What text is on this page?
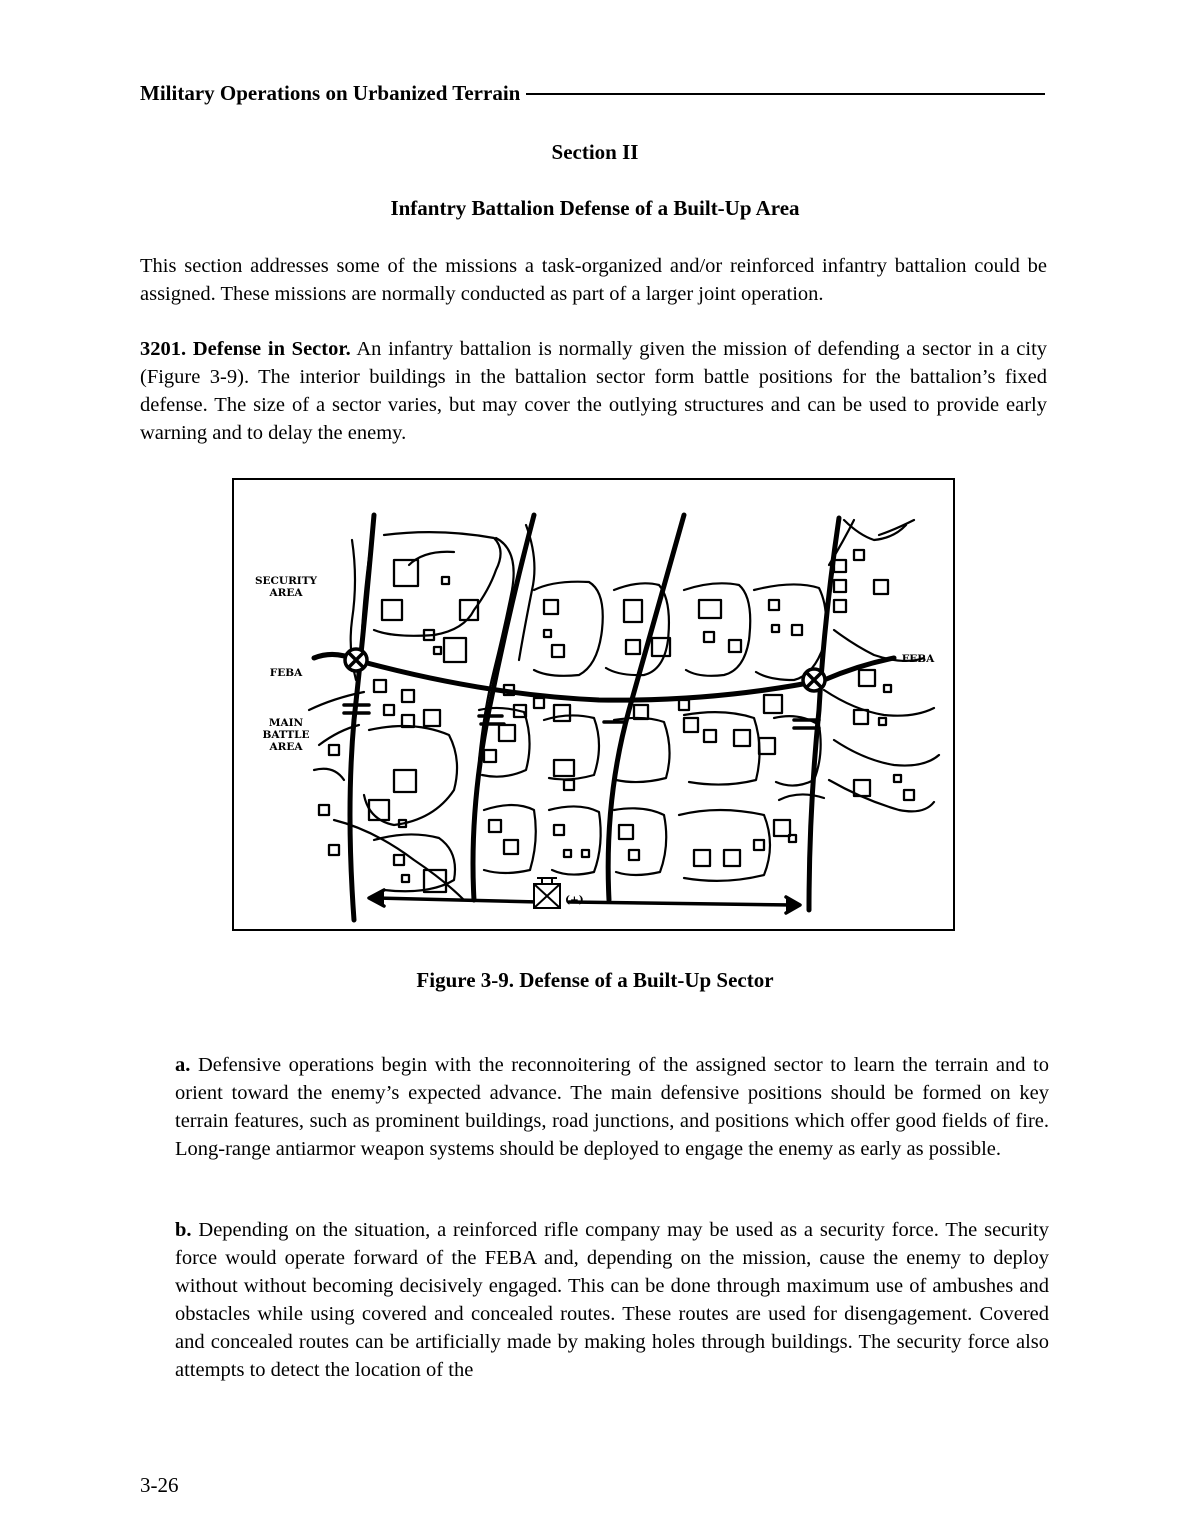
Military Operations on Urbanized Terrain
Section II
Infantry Battalion Defense of a Built-Up Area

This section addresses some of the missions a task-organized and/or reinforced infantry battalion could be assigned. These missions are normally conducted as part of a larger joint operation.

3201. Defense in Sector. An infantry battalion is normally given the mission of defending a sector in a city (Figure 3-9). The interior buildings in the battalion sector form battle positions for the battalion’s fixed defense. The size of a sector varies, but may cover the outlying structures and can be used to provide early warning and to delay the enemy.

SECURITY
AREA
FEBA
FEBA
MAIN
BATTLE
AREA
(+)
Figure 3-9. Defense of a Built-Up Sector

a. Defensive operations begin with the reconnoitering of the assigned sector to learn the terrain and to orient toward the enemy’s expected advance. The main defensive positions should be formed on key terrain features, such as prominent buildings, road junctions, and positions which offer good fields of fire. Long-range antiarmor weapon systems should be deployed to engage the enemy as early as possible.

b. Depending on the situation, a reinforced rifle company may be used as a security force. The security force would operate forward of the FEBA and, depending on the mission, cause the enemy to deploy without without becoming decisively engaged. This can be done through maximum use of ambushes and obstacles while using covered and concealed routes. These routes are used for disengagement. Covered and concealed routes can be artificially made by making holes through buildings. The security force also attempts to detect the location of the

3-26
